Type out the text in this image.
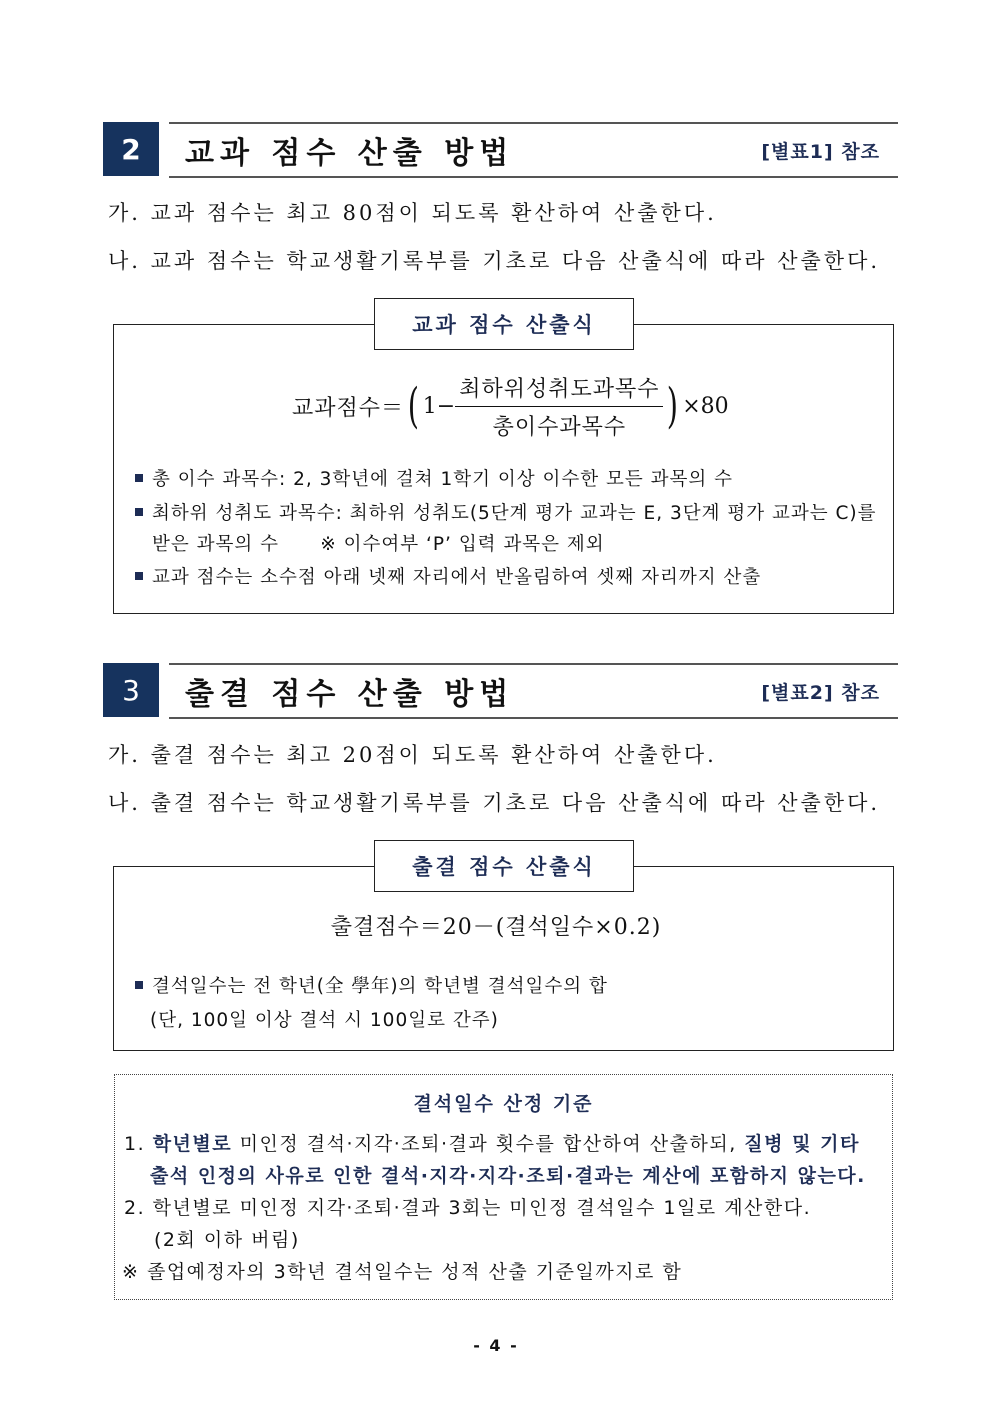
2	교과 점수 산출 방법	[별표1] 참조
가. 교과 점수는 최고 80점이 되도록 환산하여 산출한다.
나. 교과 점수는 학교생활기록부를 기초로 다음 산출식에 따라 산출한다.
교과 점수 산출식
교과점수＝ ( $1- \frac{\text{최하위성취도과목수}}{\text{총이수과목수}}$ ) ×80
총 이수 과목수: 2, 3학년에 걸쳐 1학기 이상 이수한 모든 과목의 수
최하위 성취도 과목수: 최하위 성취도(5단계 평가 교과는 E, 3단계 평가 교과는 C)를
받은 과목의 수      ※ 이수여부 ‘P’ 입력 과목은 제외
교과 점수는 소수점 아래 넷째 자리에서 반올림하여 셋째 자리까지 산출
3	출결 점수 산출 방법	[별표2] 참조
가. 출결 점수는 최고 20점이 되도록 환산하여 산출한다.
나. 출결 점수는 학교생활기록부를 기초로 다음 산출식에 따라 산출한다.
출결 점수 산출식
출결점수＝20－(결석일수×0.2)
결석일수는 전 학년(全 學年)의 학년별 결석일수의 합
(단, 100일 이상 결석 시 100일로 간주)
결석일수 산정 기준
1. 학년별로 미인정 결석·지각·조퇴·결과 횟수를 합산하여 산출하되, 질병 및 기타
출석 인정의 사유로 인한 결석·지각·지각·조퇴·결과는 계산에 포함하지 않는다.
2. 학년별로 미인정 지각·조퇴·결과 3회는 미인정 결석일수 1일로 계산한다.
(2회 이하 버림)
※ 졸업예정자의 3학년 결석일수는 성적 산출 기준일까지로 함
- 4 -
